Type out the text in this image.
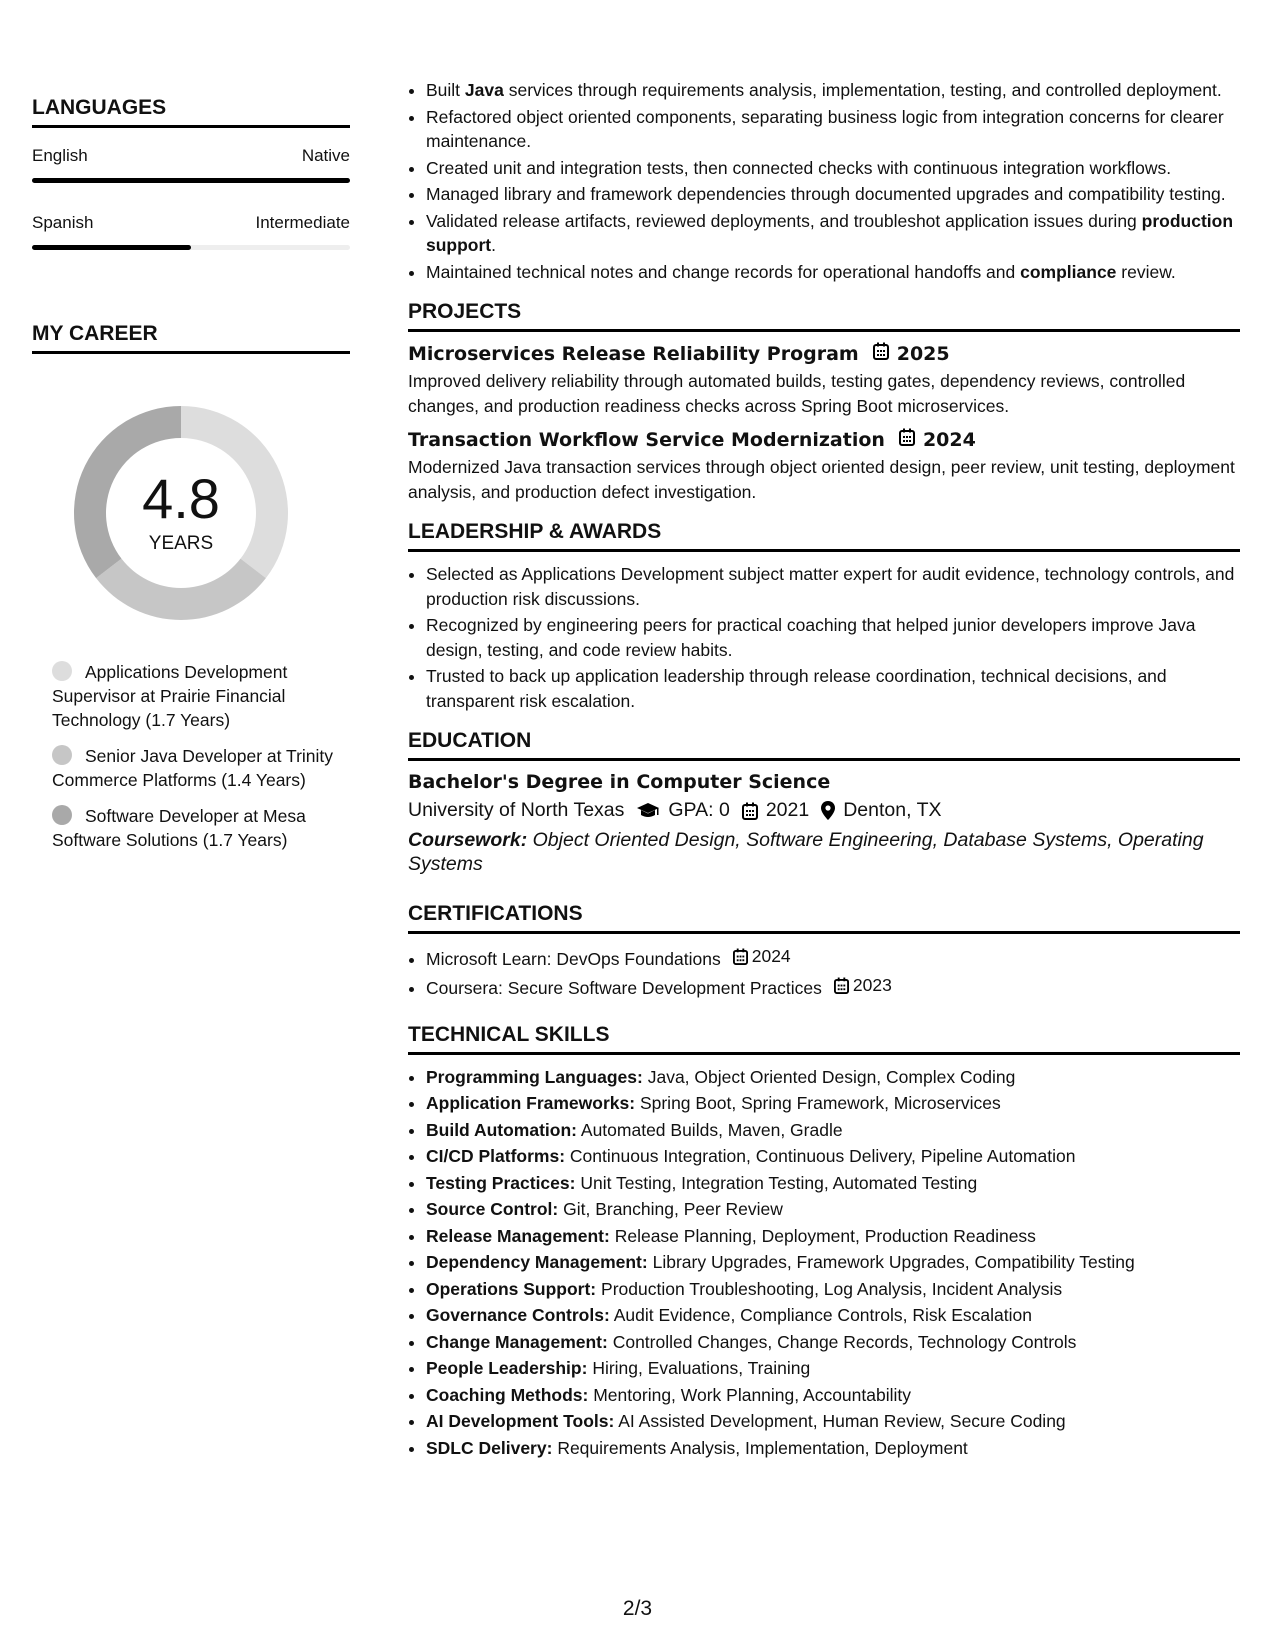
LANGUAGES
English	Native
Spanish	Intermediate
MY CAREER
4.8
YEARS
Applications Development Supervisor at Prairie Financial Technology (1.7 Years)
Senior Java Developer at Trinity Commerce Platforms (1.4 Years)
Software Developer at Mesa Software Solutions (1.7 Years)
• Built Java services through requirements analysis, implementation, testing, and controlled deployment.
• Refactored object oriented components, separating business logic from integration concerns for clearer maintenance.
• Created unit and integration tests, then connected checks with continuous integration workflows.
• Managed library and framework dependencies through documented upgrades and compatibility testing.
• Validated release artifacts, reviewed deployments, and troubleshot application issues during production support.
• Maintained technical notes and change records for operational handoffs and compliance review.
PROJECTS
Microservices Release Reliability Program 2025
Improved delivery reliability through automated builds, testing gates, dependency reviews, controlled changes, and production readiness checks across Spring Boot microservices.
Transaction Workflow Service Modernization 2024
Modernized Java transaction services through object oriented design, peer review, unit testing, deployment analysis, and production defect investigation.
LEADERSHIP & AWARDS
• Selected as Applications Development subject matter expert for audit evidence, technology controls, and production risk discussions.
• Recognized by engineering peers for practical coaching that helped junior developers improve Java design, testing, and code review habits.
• Trusted to back up application leadership through release coordination, technical decisions, and transparent risk escalation.
EDUCATION
Bachelor's Degree in Computer Science
University of North Texas GPA: 0 2021 Denton, TX
Coursework: Object Oriented Design, Software Engineering, Database Systems, Operating Systems
CERTIFICATIONS
• Microsoft Learn: DevOps Foundations 2024
• Coursera: Secure Software Development Practices 2023
TECHNICAL SKILLS
• Programming Languages: Java, Object Oriented Design, Complex Coding
• Application Frameworks: Spring Boot, Spring Framework, Microservices
• Build Automation: Automated Builds, Maven, Gradle
• CI/CD Platforms: Continuous Integration, Continuous Delivery, Pipeline Automation
• Testing Practices: Unit Testing, Integration Testing, Automated Testing
• Source Control: Git, Branching, Peer Review
• Release Management: Release Planning, Deployment, Production Readiness
• Dependency Management: Library Upgrades, Framework Upgrades, Compatibility Testing
• Operations Support: Production Troubleshooting, Log Analysis, Incident Analysis
• Governance Controls: Audit Evidence, Compliance Controls, Risk Escalation
• Change Management: Controlled Changes, Change Records, Technology Controls
• People Leadership: Hiring, Evaluations, Training
• Coaching Methods: Mentoring, Work Planning, Accountability
• AI Development Tools: AI Assisted Development, Human Review, Secure Coding
• SDLC Delivery: Requirements Analysis, Implementation, Deployment
2/3
